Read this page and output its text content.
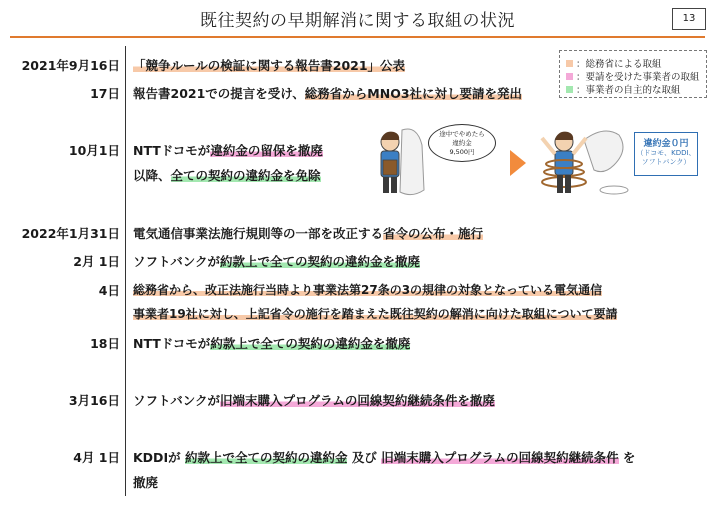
既往契約の早期解消に関する取組の状況	13
：総務省による取組
：要請を受けた事業者の取組
：事業者の自主的な取組
2021年9月16日 「競争ルールの検証に関する報告書2021」公表
17日 報告書2021での提言を受け、総務省からMNO3社に対し要請を発出
10月1日 NTTドコモが違約金の留保を撤廃
以降、全ての契約の違約金を免除
2022年1月31日 電気通信事業法施行規則等の一部を改正する省令の公布・施行
2月 1日 ソフトバンクが約款上で全ての契約の違約金を撤廃
4日 総務省から、改正法施行当時より事業法第27条の3の規律の対象となっている電気通信
事業者19社に対し、上記省令の施行を踏まえた既往契約の解消に向けた取組について要請
18日 NTTドコモが約款上で全ての契約の違約金を撤廃
3月16日 ソフトバンクが旧端末購入プログラムの回線契約継続条件を撤廃
4月 1日 KDDIが 約款上で全ての契約の違約金 及び 旧端末購入プログラムの回線契約継続条件 を
撤廃
途中でやめたら
違約金
9,500円
違約金０円
（ドコモ、KDDI、
ソフトバンク）
